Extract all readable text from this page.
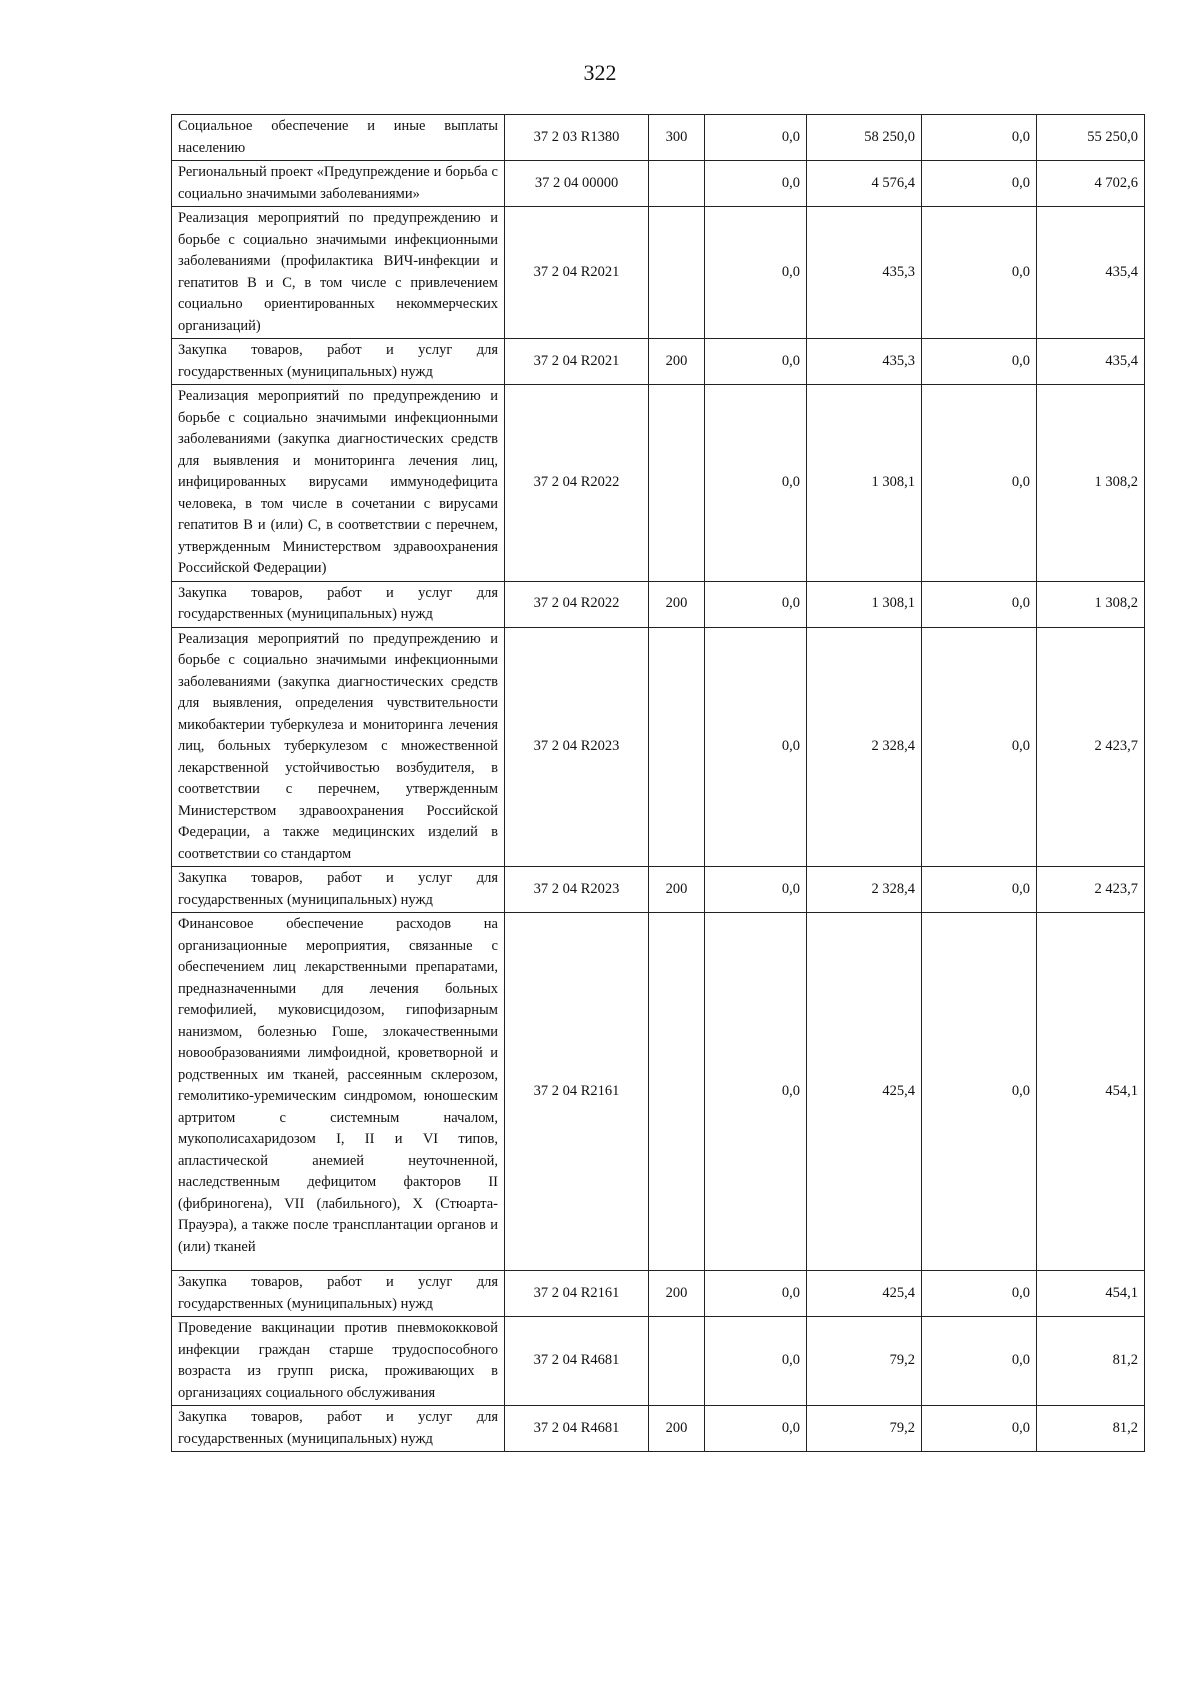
322
Социальное обеспечение и иные выплаты населению	37 2 03 R1380	300	0,0	58 250,0	0,0	55 250,0
Региональный проект «Предупреждение и борьба с социально значимыми заболеваниями»	37 2 04 00000		0,0	4 576,4	0,0	4 702,6
Реализация мероприятий по предупреждению и борьбе с социально значимыми инфекционными заболеваниями (профилактика ВИЧ-инфекции и гепатитов В и С, в том числе с привлечением социально ориентированных некоммерческих организаций)	37 2 04 R2021		0,0	435,3	0,0	435,4
Закупка товаров, работ и услуг для государственных (муниципальных) нужд	37 2 04 R2021	200	0,0	435,3	0,0	435,4
Реализация мероприятий по предупреждению и борьбе с социально значимыми инфекционными заболеваниями (закупка диагностических средств для выявления и мониторинга лечения лиц, инфицированных вирусами иммунодефицита человека, в том числе в сочетании с вирусами гепатитов В и (или) С, в соответствии с перечнем, утвержденным Министерством здравоохранения Российской Федерации)	37 2 04 R2022		0,0	1 308,1	0,0	1 308,2
Закупка товаров, работ и услуг для государственных (муниципальных) нужд	37 2 04 R2022	200	0,0	1 308,1	0,0	1 308,2
Реализация мероприятий по предупреждению и борьбе с социально значимыми инфекционными заболеваниями (закупка диагностических средств для выявления, определения чувствительности микобактерии туберкулеза и мониторинга лечения лиц, больных туберкулезом с множественной лекарственной устойчивостью возбудителя, в соответствии с перечнем, утвержденным Министерством здравоохранения Российской Федерации, а также медицинских изделий в соответствии со стандартом	37 2 04 R2023		0,0	2 328,4	0,0	2 423,7
Закупка товаров, работ и услуг для государственных (муниципальных) нужд	37 2 04 R2023	200	0,0	2 328,4	0,0	2 423,7
Финансовое обеспечение расходов на организационные мероприятия, связанные с обеспечением лиц лекарственными препаратами, предназначенными для лечения больных гемофилией, муковисцидозом, гипофизарным нанизмом, болезнью Гоше, злокачественными новообразованиями лимфоидной, кроветворной и родственных им тканей, рассеянным склерозом, гемолитико-уремическим синдромом, юношеским артритом с системным началом, мукополисахаридозом I, II и VI типов, апластической анемией неуточненной, наследственным дефицитом факторов II (фибриногена), VII (лабильного), X (Стюарта-Прауэра), а также после трансплантации органов и (или) тканей	37 2 04 R2161		0,0	425,4	0,0	454,1
Закупка товаров, работ и услуг для государственных (муниципальных) нужд	37 2 04 R2161	200	0,0	425,4	0,0	454,1
Проведение вакцинации против пневмококковой инфекции граждан старше трудоспособного возраста из групп риска, проживающих в организациях социального обслуживания	37 2 04 R4681		0,0	79,2	0,0	81,2
Закупка товаров, работ и услуг для государственных (муниципальных) нужд	37 2 04 R4681	200	0,0	79,2	0,0	81,2
